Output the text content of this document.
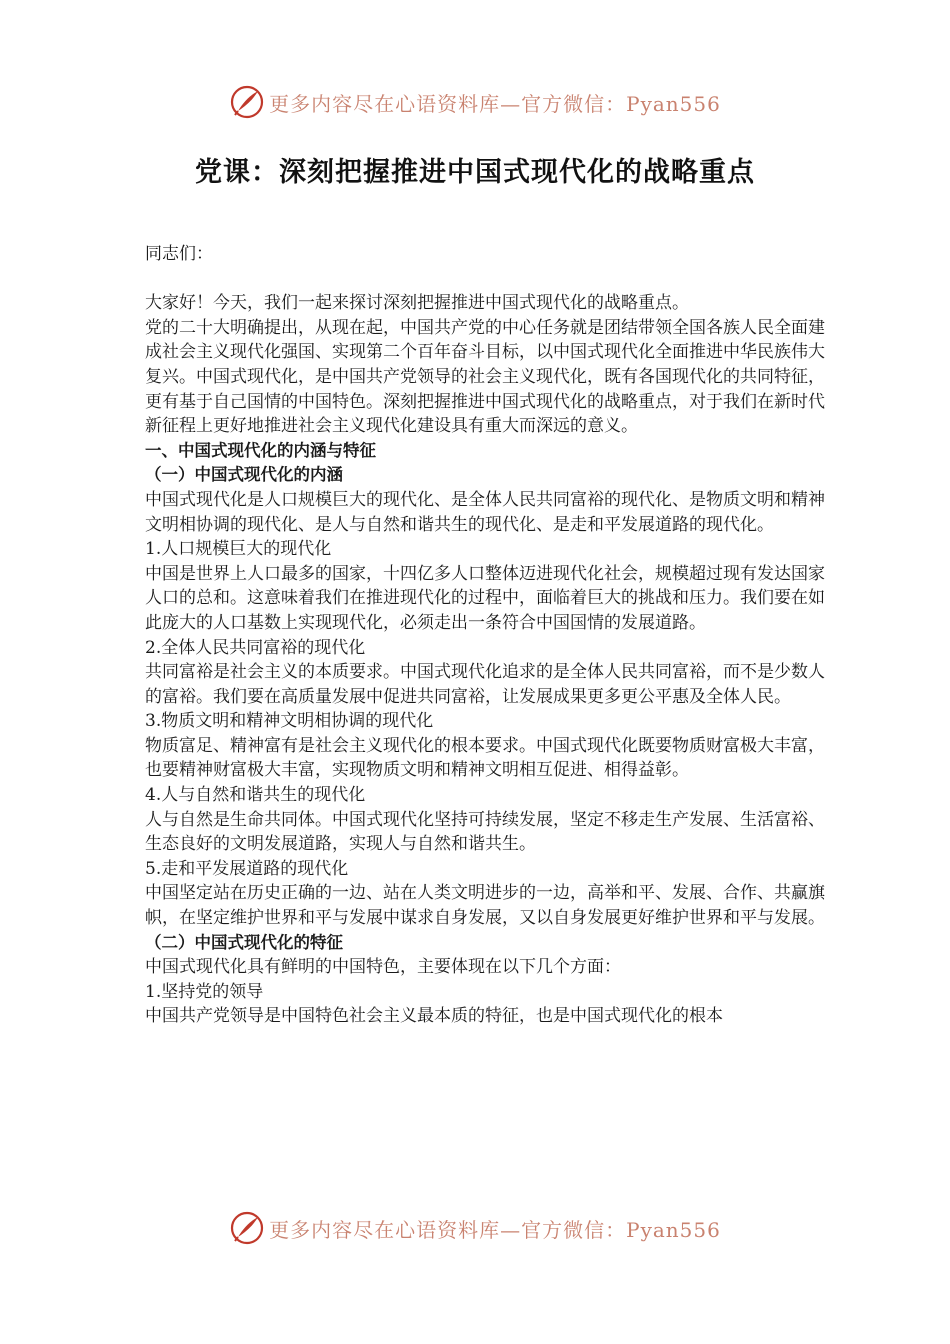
更多内容尽在心语资料库—官方微信：Pyan556
党课：深刻把握推进中国式现代化的战略重点

同志们：

大家好！今天，我们一起来探讨深刻把握推进中国式现代化的战略重点。

党的二十大明确提出，从现在起，中国共产党的中心任务就是团结带领全国各族人民全面建成社会主义现代化强国、实现第二个百年奋斗目标，以中国式现代化全面推进中华民族伟大复兴。中国式现代化，是中国共产党领导的社会主义现代化，既有各国现代化的共同特征，更有基于自己国情的中国特色。深刻把握推进中国式现代化的战略重点，对于我们在新时代新征程上更好地推进社会主义现代化建设具有重大而深远的意义。

一、中国式现代化的内涵与特征

（一）中国式现代化的内涵

中国式现代化是人口规模巨大的现代化、是全体人民共同富裕的现代化、是物质文明和精神文明相协调的现代化、是人与自然和谐共生的现代化、是走和平发展道路的现代化。

1.人口规模巨大的现代化

中国是世界上人口最多的国家，十四亿多人口整体迈进现代化社会，规模超过现有发达国家人口的总和。这意味着我们在推进现代化的过程中，面临着巨大的挑战和压力。我们要在如此庞大的人口基数上实现现代化，必须走出一条符合中国国情的发展道路。

2.全体人民共同富裕的现代化

共同富裕是社会主义的本质要求。中国式现代化追求的是全体人民共同富裕，而不是少数人的富裕。我们要在高质量发展中促进共同富裕，让发展成果更多更公平惠及全体人民。

3.物质文明和精神文明相协调的现代化

物质富足、精神富有是社会主义现代化的根本要求。中国式现代化既要物质财富极大丰富，也要精神财富极大丰富，实现物质文明和精神文明相互促进、相得益彰。

4.人与自然和谐共生的现代化

人与自然是生命共同体。中国式现代化坚持可持续发展，坚定不移走生产发展、生活富裕、生态良好的文明发展道路，实现人与自然和谐共生。

5.走和平发展道路的现代化

中国坚定站在历史正确的一边、站在人类文明进步的一边，高举和平、发展、合作、共赢旗帜，在坚定维护世界和平与发展中谋求自身发展，又以自身发展更好维护世界和平与发展。

（二）中国式现代化的特征

中国式现代化具有鲜明的中国特色，主要体现在以下几个方面：

1.坚持党的领导

中国共产党领导是中国特色社会主义最本质的特征，也是中国式现代化的根本

更多内容尽在心语资料库—官方微信：Pyan556
